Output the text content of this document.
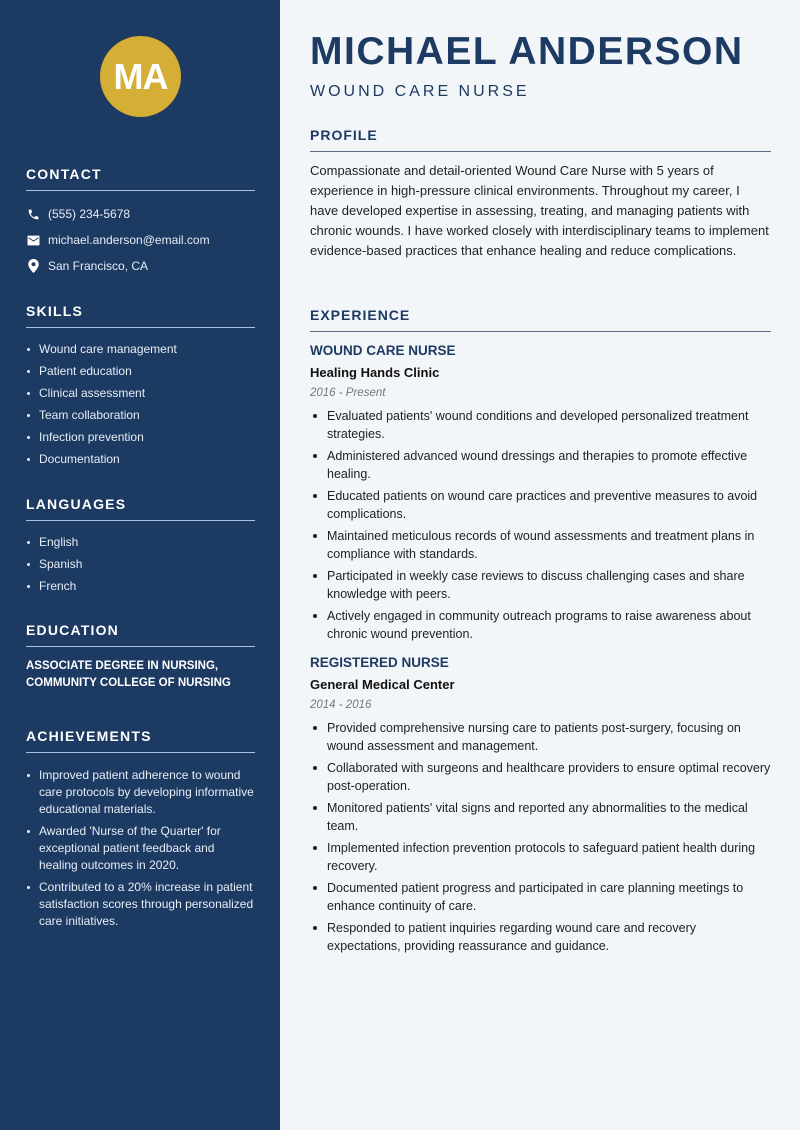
MA
CONTACT
(555) 234-5678
michael.anderson@email.com
San Francisco, CA
SKILLS
Wound care management
Patient education
Clinical assessment
Team collaboration
Infection prevention
Documentation
LANGUAGES
English
Spanish
French
EDUCATION
ASSOCIATE DEGREE IN NURSING,
COMMUNITY COLLEGE OF NURSING
ACHIEVEMENTS
Improved patient adherence to wound care protocols by developing informative educational materials.
Awarded 'Nurse of the Quarter' for exceptional patient feedback and healing outcomes in 2020.
Contributed to a 20% increase in patient satisfaction scores through personalized care initiatives.
MICHAEL ANDERSON
WOUND CARE NURSE
PROFILE

Compassionate and detail-oriented Wound Care Nurse with 5 years of experience in high-pressure clinical environments. Throughout my career, I have developed expertise in assessing, treating, and managing patients with chronic wounds. I have worked closely with interdisciplinary teams to implement evidence-based practices that enhance healing and reduce complications.

EXPERIENCE
WOUND CARE NURSE
Healing Hands Clinic
2016 - Present
Evaluated patients' wound conditions and developed personalized treatment strategies.
Administered advanced wound dressings and therapies to promote effective healing.
Educated patients on wound care practices and preventive measures to avoid complications.
Maintained meticulous records of wound assessments and treatment plans in compliance with standards.
Participated in weekly case reviews to discuss challenging cases and share knowledge with peers.
Actively engaged in community outreach programs to raise awareness about chronic wound prevention.
REGISTERED NURSE
General Medical Center
2014 - 2016
Provided comprehensive nursing care to patients post-surgery, focusing on wound assessment and management.
Collaborated with surgeons and healthcare providers to ensure optimal recovery post-operation.
Monitored patients' vital signs and reported any abnormalities to the medical team.
Implemented infection prevention protocols to safeguard patient health during recovery.
Documented patient progress and participated in care planning meetings to enhance continuity of care.
Responded to patient inquiries regarding wound care and recovery expectations, providing reassurance and guidance.
